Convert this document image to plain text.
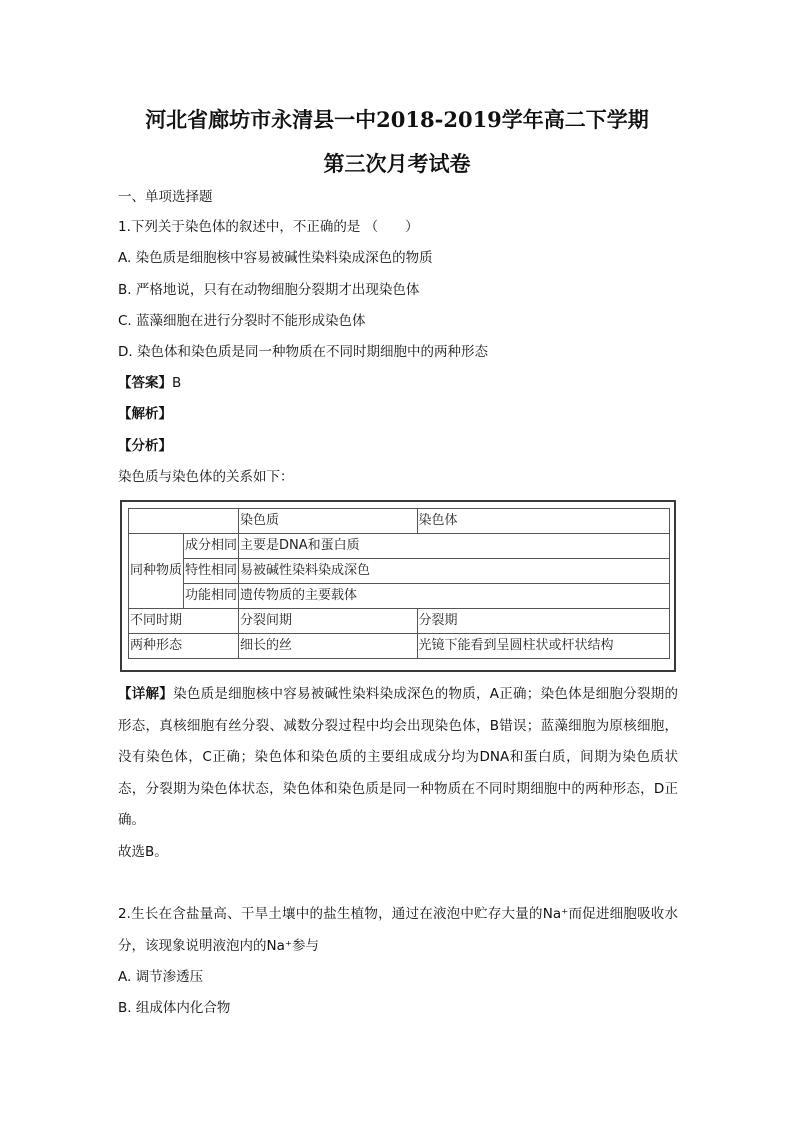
河北省廊坊市永清县一中2018-2019学年高二下学期
第三次月考试卷
一、单项选择题
1.下列关于染色体的叙述中，不正确的是 （　　）
A. 染色质是细胞核中容易被碱性染料染成深色的物质
B. 严格地说，只有在动物细胞分裂期才出现染色体
C. 蓝藻细胞在进行分裂时不能形成染色体
D. 染色体和染色质是同一种物质在不同时期细胞中的两种形态
【答案】B
【解析】
【分析】
染色质与染色体的关系如下：
		染色质	染色体
同种物质	成分相同	主要是DNA和蛋白质	
	特性相同	易被碱性染料染成深色	
	功能相同	遗传物质的主要载体	
不同时期		分裂间期	分裂期
两种形态		细长的丝	光镜下能看到呈圆柱状或杆状结构
【详解】染色质是细胞核中容易被碱性染料染成深色的物质，A正确；染色体是细胞分裂期的形态，真核细胞有丝分裂、减数分裂过程中均会出现染色体，B错误；蓝藻细胞为原核细胞，没有染色体，C正确；染色体和染色质的主要组成成分均为DNA和蛋白质，间期为染色质状态，分裂期为染色体状态，染色体和染色质是同一种物质在不同时期细胞中的两种形态，D正确。
故选B。
2.生长在含盐量高、干旱土壤中的盐生植物，通过在液泡中贮存大量的Na⁺而促进细胞吸收水分，该现象说明液泡内的Na⁺参与
A. 调节渗透压
B. 组成体内化合物
